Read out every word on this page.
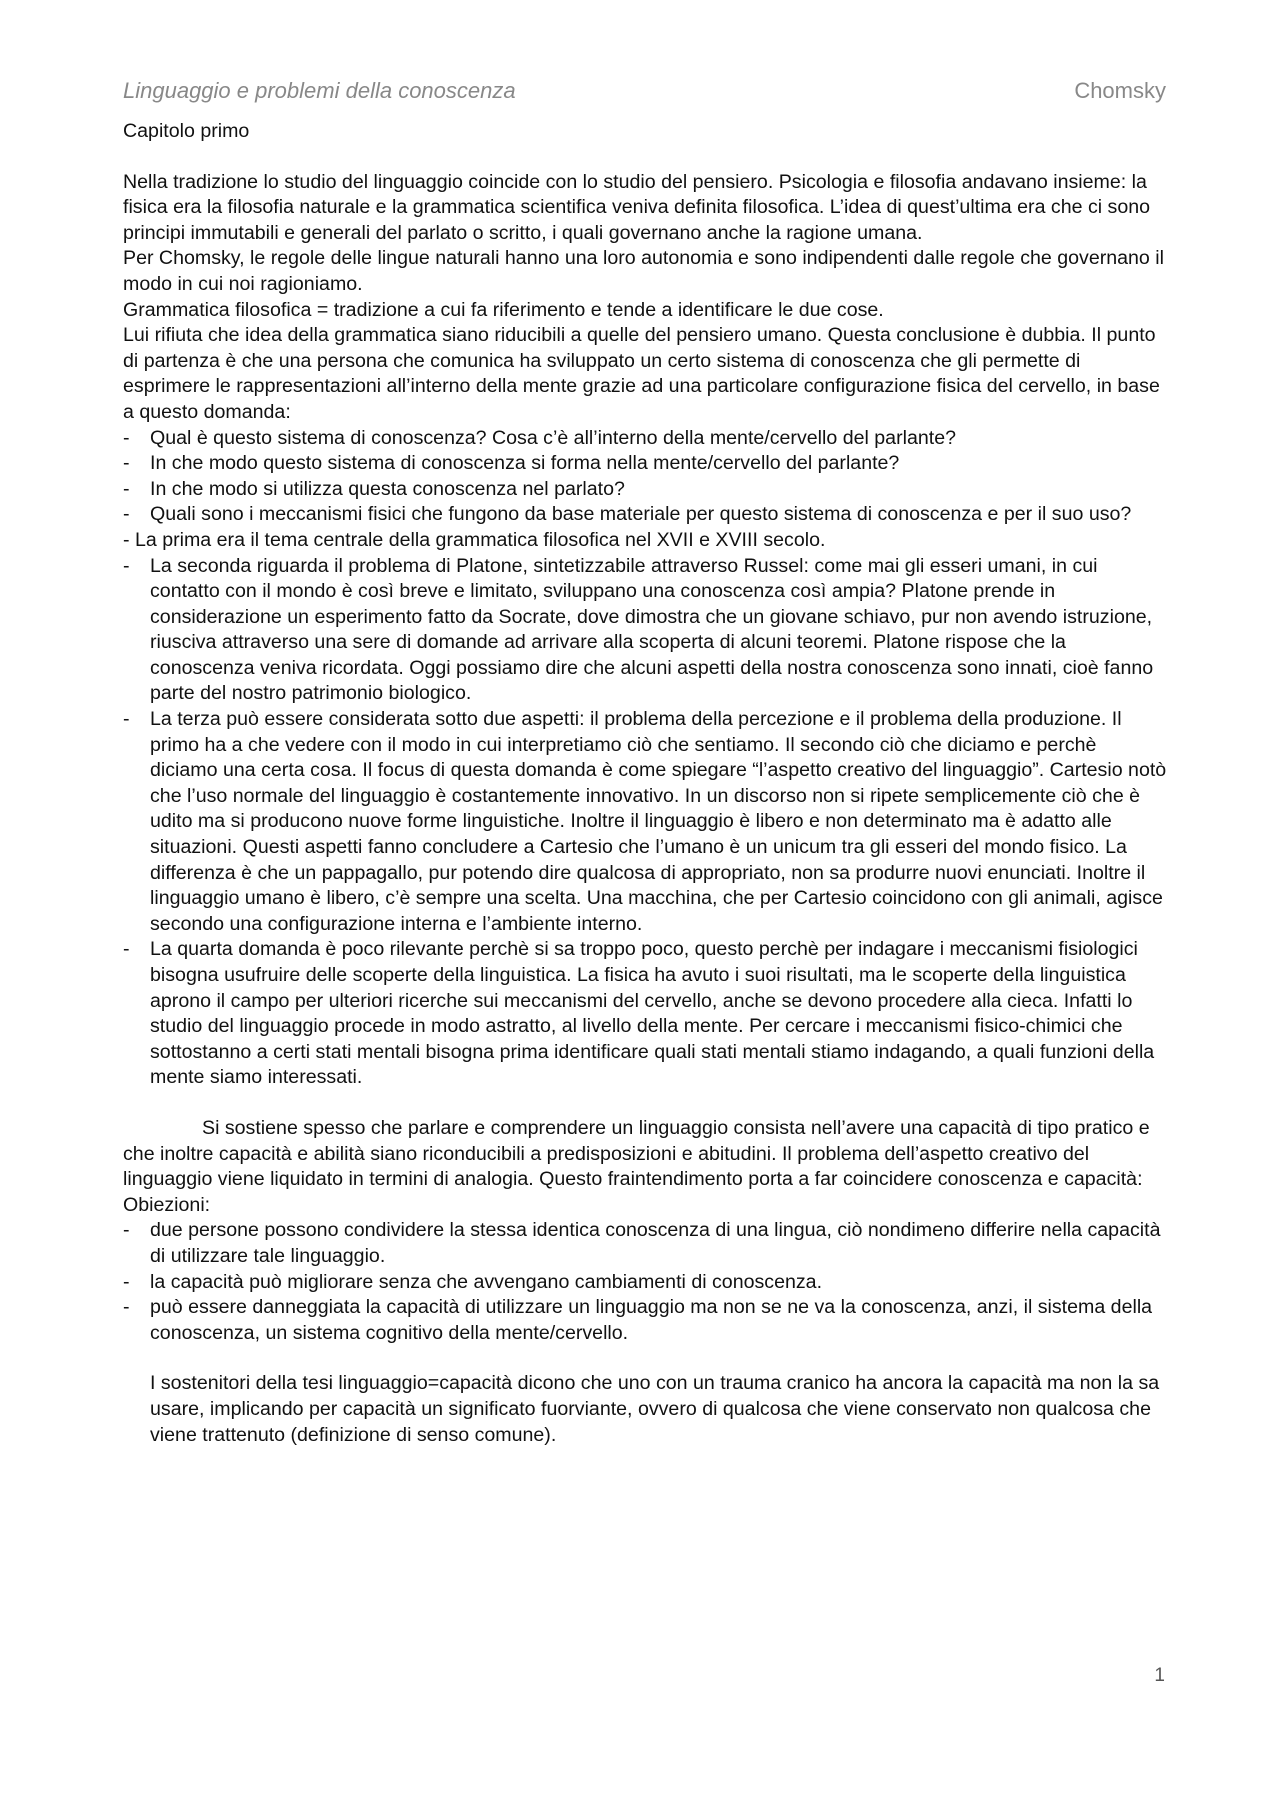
Linguaggio e problemi della conoscenza	Chomsky

Capitolo primo

Nella tradizione lo studio del linguaggio coincide con lo studio del pensiero. Psicologia e filosofia andavano insieme: la fisica era la filosofia naturale e la grammatica scientifica veniva definita filosofica. L’idea di quest’ultima era che ci sono principi immutabili e generali del parlato o scritto, i quali governano anche la ragione umana.

Per Chomsky, le regole delle lingue naturali hanno una loro autonomia e sono indipendenti dalle regole che governano il modo in cui noi ragioniamo.

Grammatica filosofica = tradizione a cui fa riferimento e tende a identificare le due cose.

Lui rifiuta che idea della grammatica siano riducibili a quelle del pensiero umano. Questa conclusione è dubbia. Il punto di partenza è che una persona che comunica ha sviluppato un certo sistema di conoscenza che gli permette di esprimere le rappresentazioni all’interno della mente grazie ad una particolare configurazione fisica del cervello, in base a questo domanda:

- Qual è questo sistema di conoscenza? Cosa c’è all’interno della mente/cervello del parlante?
- In che modo questo sistema di conoscenza si forma nella mente/cervello del parlante?
- In che modo si utilizza questa conoscenza nel parlato?
- Quali sono i meccanismi fisici che fungono da base materiale per questo sistema di conoscenza e per il suo uso?

- La prima era il tema centrale della grammatica filosofica nel XVII e XVIII secolo.

- La seconda riguarda il problema di Platone, sintetizzabile attraverso Russel: come mai gli esseri umani, in cui contatto con il mondo è così breve e limitato, sviluppano una conoscenza così ampia? Platone prende in considerazione un esperimento fatto da Socrate, dove dimostra che un giovane schiavo, pur non avendo istruzione, riusciva attraverso una sere di domande ad arrivare alla scoperta di alcuni teoremi. Platone rispose che la conoscenza veniva ricordata. Oggi possiamo dire che alcuni aspetti della nostra conoscenza sono innati, cioè fanno parte del nostro patrimonio biologico.
- La terza può essere considerata sotto due aspetti: il problema della percezione e il problema della produzione. Il primo ha a che vedere con il modo in cui interpretiamo ciò che sentiamo. Il secondo ciò che diciamo e perchè diciamo una certa cosa. Il focus di questa domanda è come spiegare “l’aspetto creativo del linguaggio”. Cartesio notò che l’uso normale del linguaggio è costantemente innovativo. In un discorso non si ripete semplicemente ciò che è udito ma si producono nuove forme linguistiche. Inoltre il linguaggio è libero e non determinato ma è adatto alle situazioni. Questi aspetti fanno concludere a Cartesio che l’umano è un unicum tra gli esseri del mondo fisico. La differenza è che un pappagallo, pur potendo dire qualcosa di appropriato, non sa produrre nuovi enunciati. Inoltre il linguaggio umano è libero, c’è sempre una scelta. Una macchina, che per Cartesio coincidono con gli animali, agisce secondo una configurazione interna e l’ambiente interno.
- La quarta domanda è poco rilevante perchè si sa troppo poco, questo perchè per indagare i meccanismi fisiologici bisogna usufruire delle scoperte della linguistica. La fisica ha avuto i suoi risultati, ma le scoperte della linguistica aprono il campo per ulteriori ricerche sui meccanismi del cervello, anche se devono procedere alla cieca. Infatti lo studio del linguaggio procede in modo astratto, al livello della mente. Per cercare i meccanismi fisico-chimici che sottostanno a certi stati mentali bisogna prima identificare quali stati mentali stiamo indagando, a quali funzioni della mente siamo interessati.

Si sostiene spesso che parlare e comprendere un linguaggio consista nell’avere una capacità di tipo pratico e che inoltre capacità e abilità siano riconducibili a predisposizioni e abitudini. Il problema dell’aspetto creativo del linguaggio viene liquidato in termini di analogia. Questo fraintendimento porta a far coincidere conoscenza e capacità:

Obiezioni:

- due persone possono condividere la stessa identica conoscenza di una lingua, ciò nondimeno differire nella capacità di utilizzare tale linguaggio.
- la capacità può migliorare senza che avvengano cambiamenti di conoscenza.
- può essere danneggiata la capacità di utilizzare un linguaggio ma non se ne va la conoscenza, anzi, il sistema della conoscenza, un sistema cognitivo della mente/cervello.

I sostenitori della tesi linguaggio=capacità dicono che uno con un trauma cranico ha ancora la capacità ma non la sa usare, implicando per capacità un significato fuorviante, ovvero di qualcosa che viene conservato non qualcosa che viene trattenuto (definizione di senso comune).

1
